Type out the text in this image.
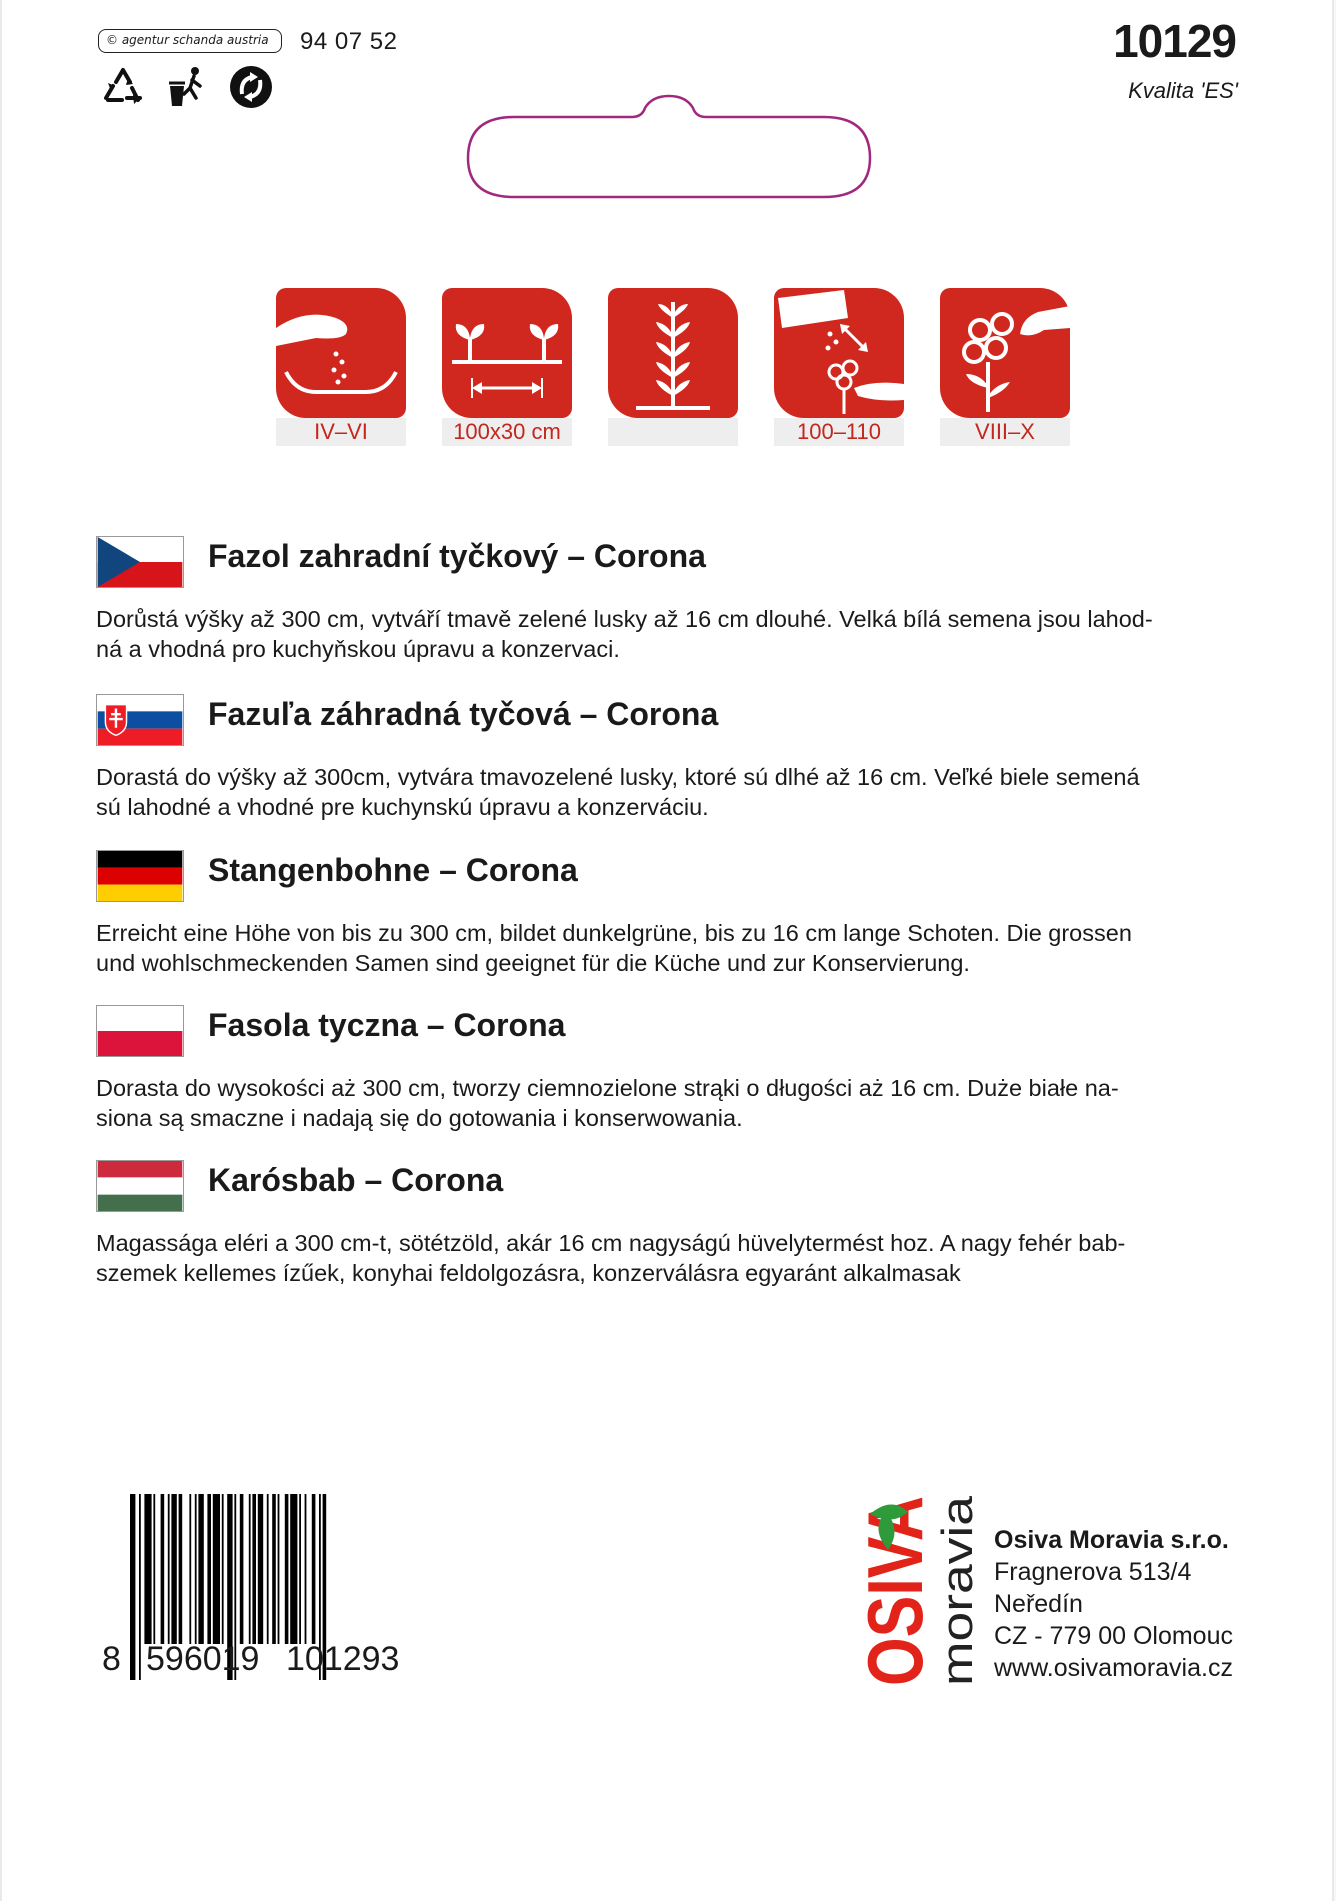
© agentur schanda austria	94 07 52	10129
Kvalita 'ES'
IV–VI	100x30 cm	100–110	VIII–X
Fazol zahradní tyčkový – Corona
Dorůstá výšky až 300 cm, vytváří tmavě zelené lusky až 16 cm dlouhé. Velká bílá semena jsou lahod-
ná a vhodná pro kuchyňskou úpravu a konzervaci.
Fazuľa záhradná tyčová – Corona
Dorastá do výšky až 300cm, vytvára tmavozelené lusky, ktoré sú dlhé až 16 cm. Veľké biele semená
sú lahodné a vhodné pre kuchynskú úpravu a konzerváciu.
Stangenbohne – Corona
Erreicht eine Höhe von bis zu 300 cm, bildet dunkelgrüne, bis zu 16 cm lange Schoten. Die grossen
und wohlschmeckenden Samen sind geeignet für die Küche und zur Konservierung.
Fasola tyczna – Corona
Dorasta do wysokości aż 300 cm, tworzy ciemnozielone strąki o długości aż 16 cm. Duże białe na-
siona są smaczne i nadają się do gotowania i konserwowania.
Karósbab – Corona
Magassága eléri a 300 cm-t, sötétzöld, akár 16 cm nagyságú hüvelytermést hoz. A nagy fehér bab-
szemek kellemes ízűek, konyhai feldolgozásra, konzerválásra egyaránt alkalmasak
8 596019 101293	OSIVA
moravia Osiva Moravia s.r.o.
Fragnerova 513/4
Neředín
CZ - 779 00 Olomouc
www.osivamoravia.cz
